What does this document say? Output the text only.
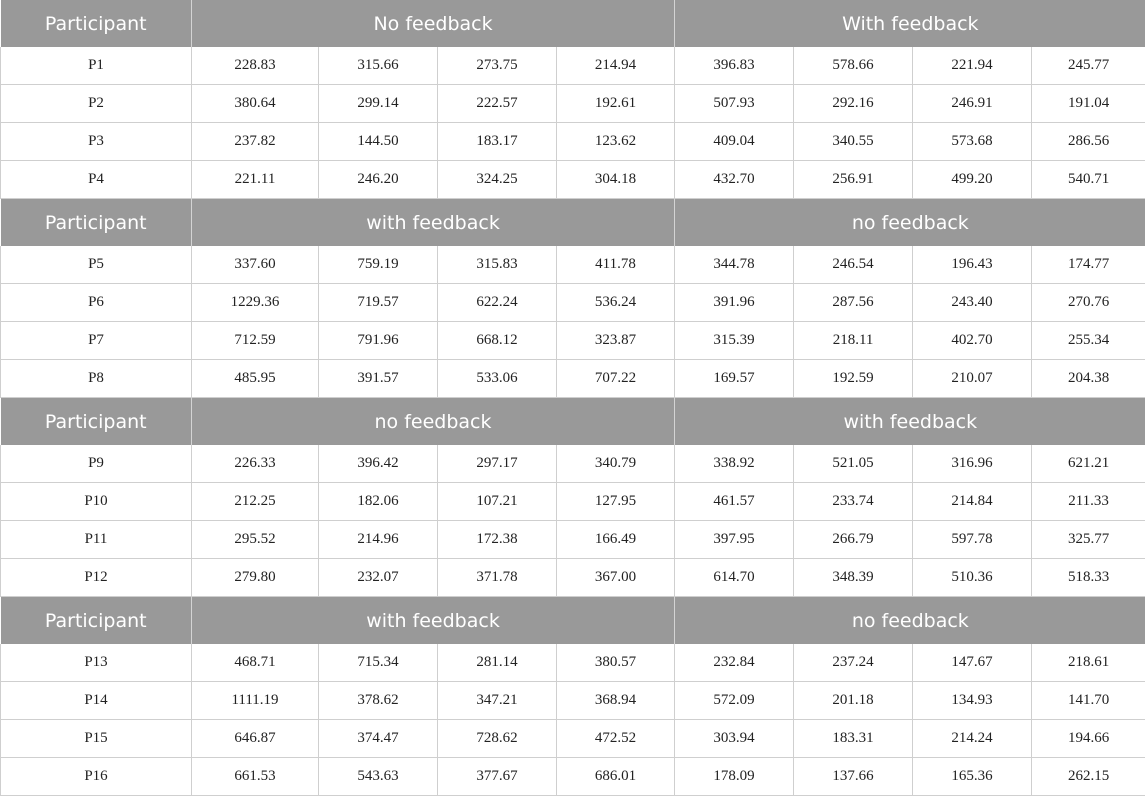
Participant	No feedback				With feedback			
P1	228.83	315.66	273.75	214.94	396.83	578.66	221.94	245.77
P2	380.64	299.14	222.57	192.61	507.93	292.16	246.91	191.04
P3	237.82	144.50	183.17	123.62	409.04	340.55	573.68	286.56
P4	221.11	246.20	324.25	304.18	432.70	256.91	499.20	540.71
Participant	with feedback				no feedback			
P5	337.60	759.19	315.83	411.78	344.78	246.54	196.43	174.77
P6	1229.36	719.57	622.24	536.24	391.96	287.56	243.40	270.76
P7	712.59	791.96	668.12	323.87	315.39	218.11	402.70	255.34
P8	485.95	391.57	533.06	707.22	169.57	192.59	210.07	204.38
Participant	no feedback				with feedback			
P9	226.33	396.42	297.17	340.79	338.92	521.05	316.96	621.21
P10	212.25	182.06	107.21	127.95	461.57	233.74	214.84	211.33
P11	295.52	214.96	172.38	166.49	397.95	266.79	597.78	325.77
P12	279.80	232.07	371.78	367.00	614.70	348.39	510.36	518.33
Participant	with feedback				no feedback			
P13	468.71	715.34	281.14	380.57	232.84	237.24	147.67	218.61
P14	1111.19	378.62	347.21	368.94	572.09	201.18	134.93	141.70
P15	646.87	374.47	728.62	472.52	303.94	183.31	214.24	194.66
P16	661.53	543.63	377.67	686.01	178.09	137.66	165.36	262.15
